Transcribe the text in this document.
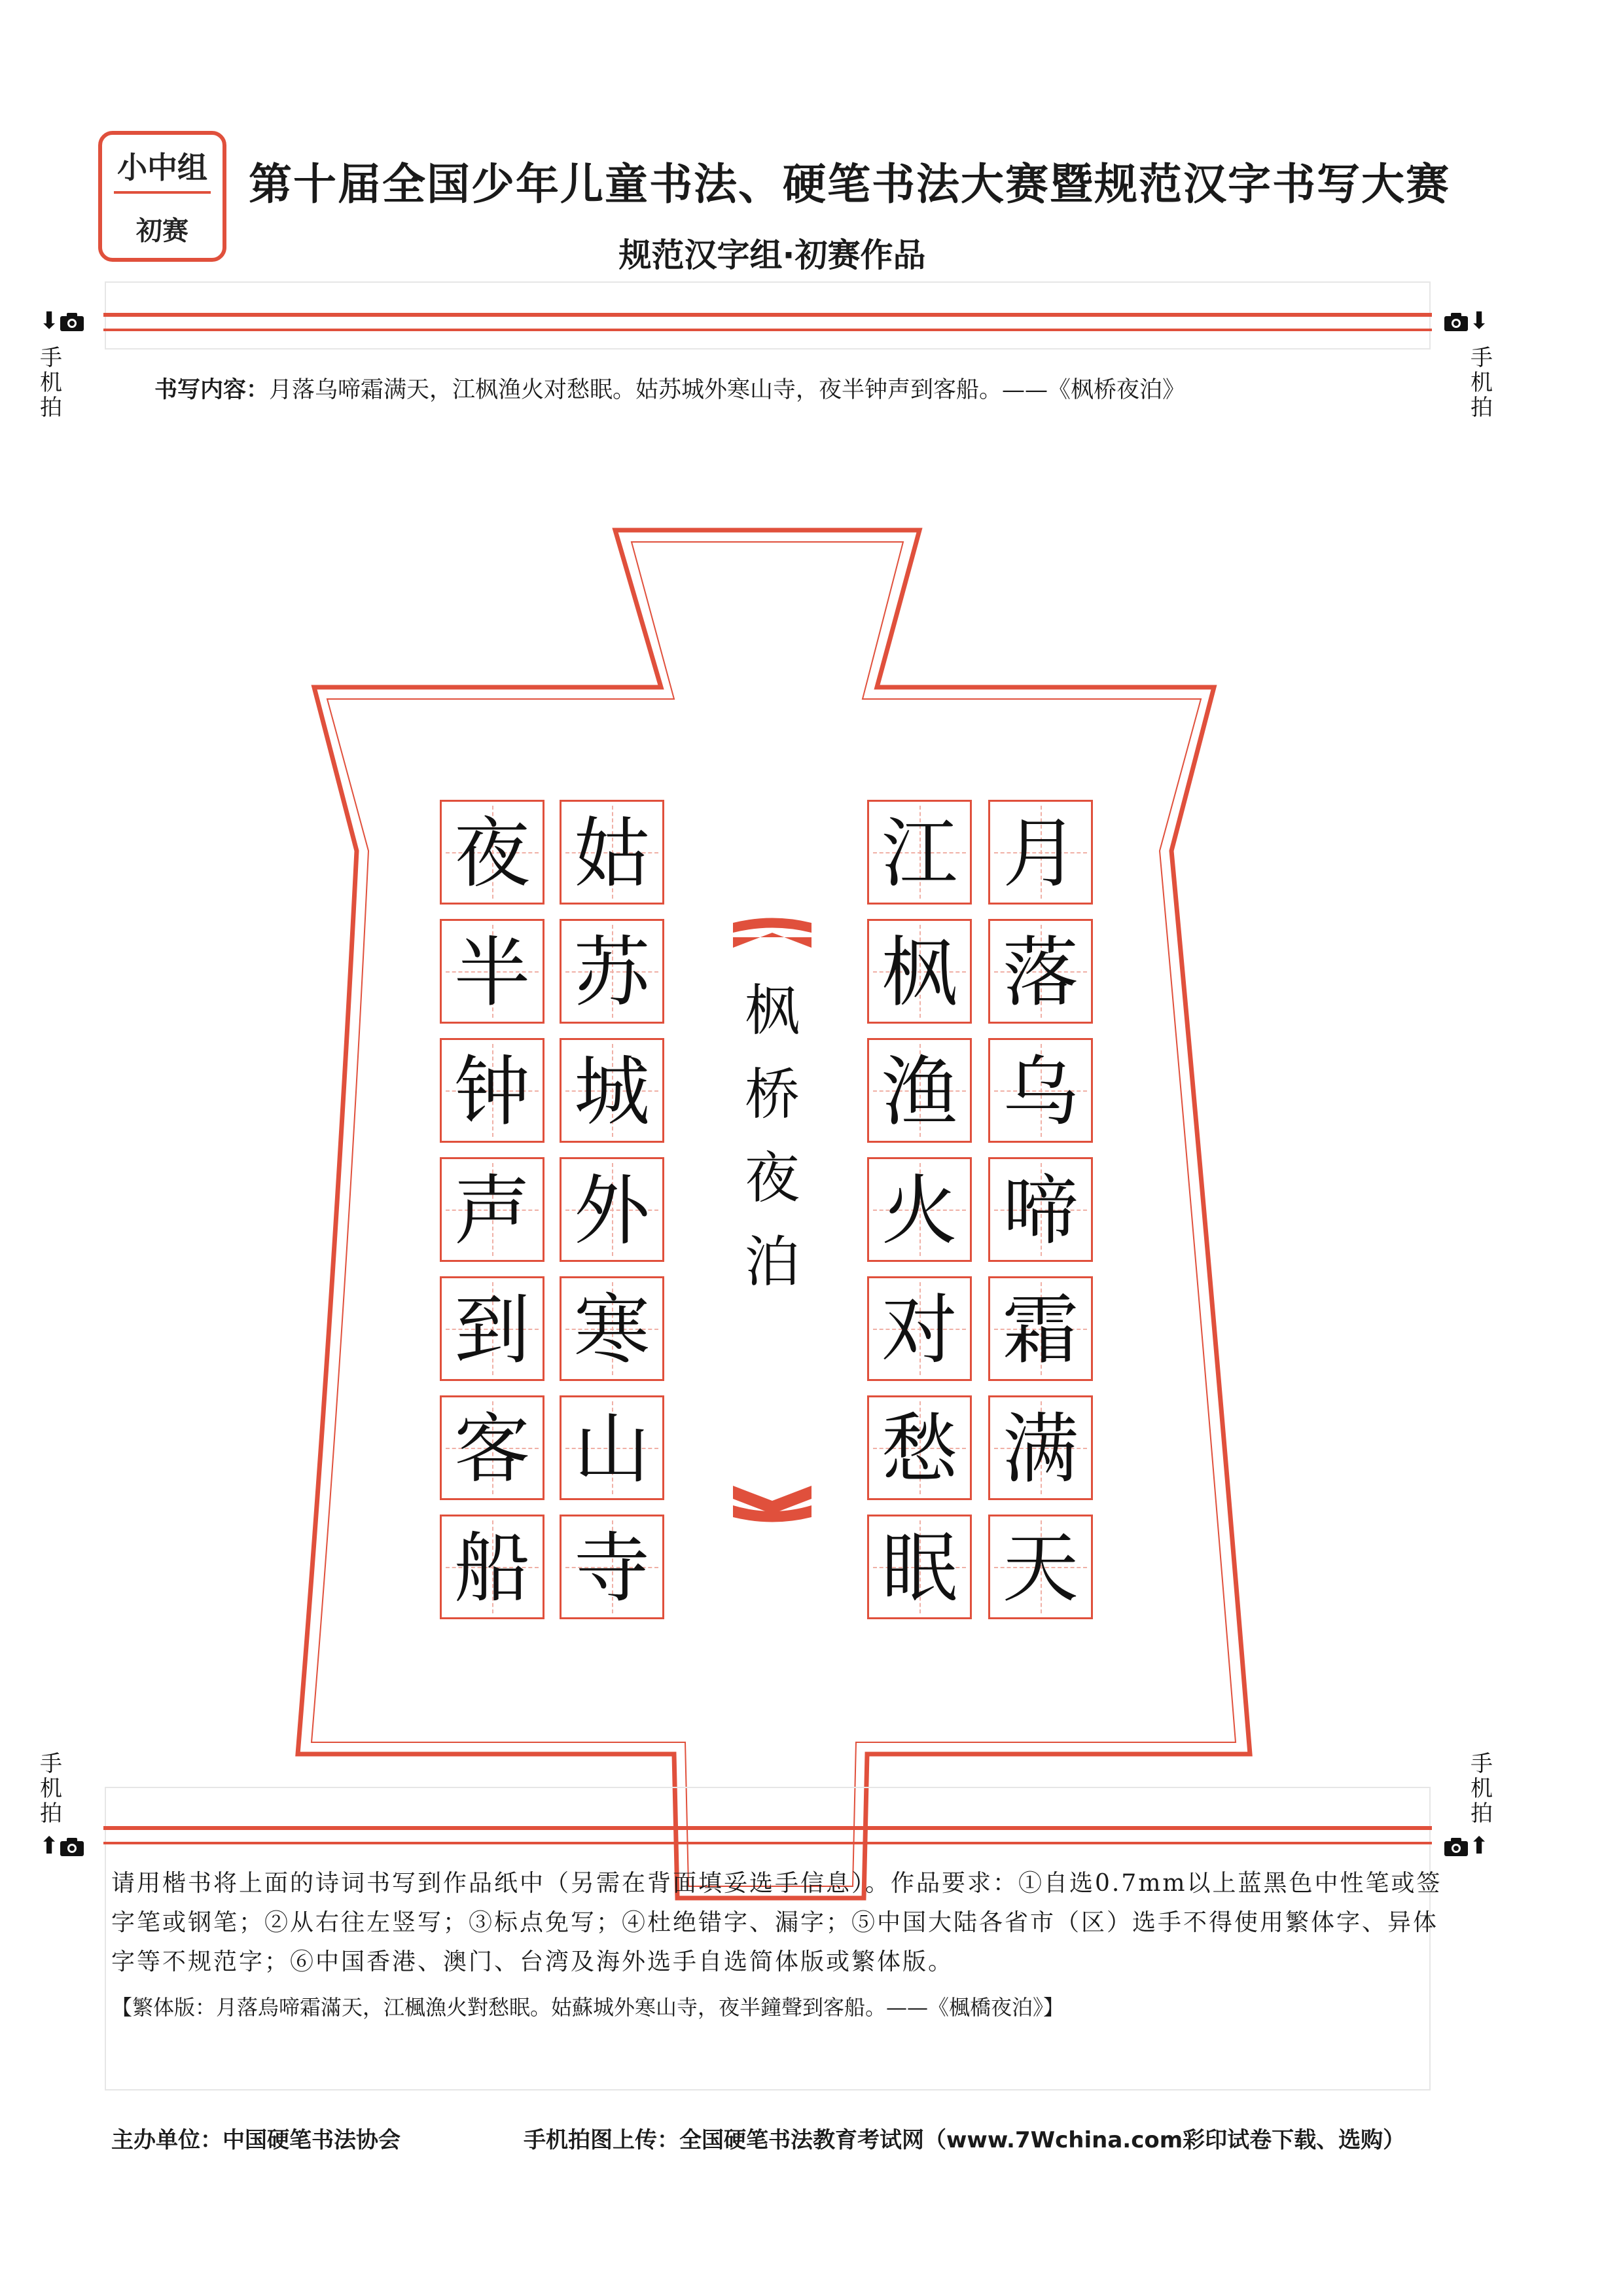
小中组
初赛
第十届全国少年儿童书法、硬笔书法大赛暨规范汉字书写大赛
规范汉字组·初赛作品
⬇	⬇
手机拍
手机拍
书写内容：月落乌啼霜满天，江枫渔火对愁眠。姑苏城外寒山寺，夜半钟声到客船。——《枫桥夜泊》
月
落
乌
啼
霜
满
天
江
枫
渔
火
对
愁
眠
姑
苏
城
外
寒
山
寺
夜
半
钟
声
到
客
船
枫
桥
夜
泊
手机拍
手机拍
⬆	⬆
请用楷书将上面的诗词书写到作品纸中（另需在背面填妥选手信息）。作品要求：①自选0.7mm以上蓝黑色中性笔或签字笔或钢笔；②从右往左竖写；③标点免写；④杜绝错字、漏字；⑤中国大陆各省市（区）选手不得使用繁体字、异体字等不规范字；⑥中国香港、澳门、台湾及海外选手自选简体版或繁体版。
【繁体版：月落烏啼霜滿天，江楓漁火對愁眠。姑蘇城外寒山寺，夜半鐘聲到客船。——《楓橋夜泊》】
主办单位：中国硬笔书法协会	手机拍图上传：全国硬笔书法教育考试网（www.7Wchina.com彩印试卷下载、选购）
